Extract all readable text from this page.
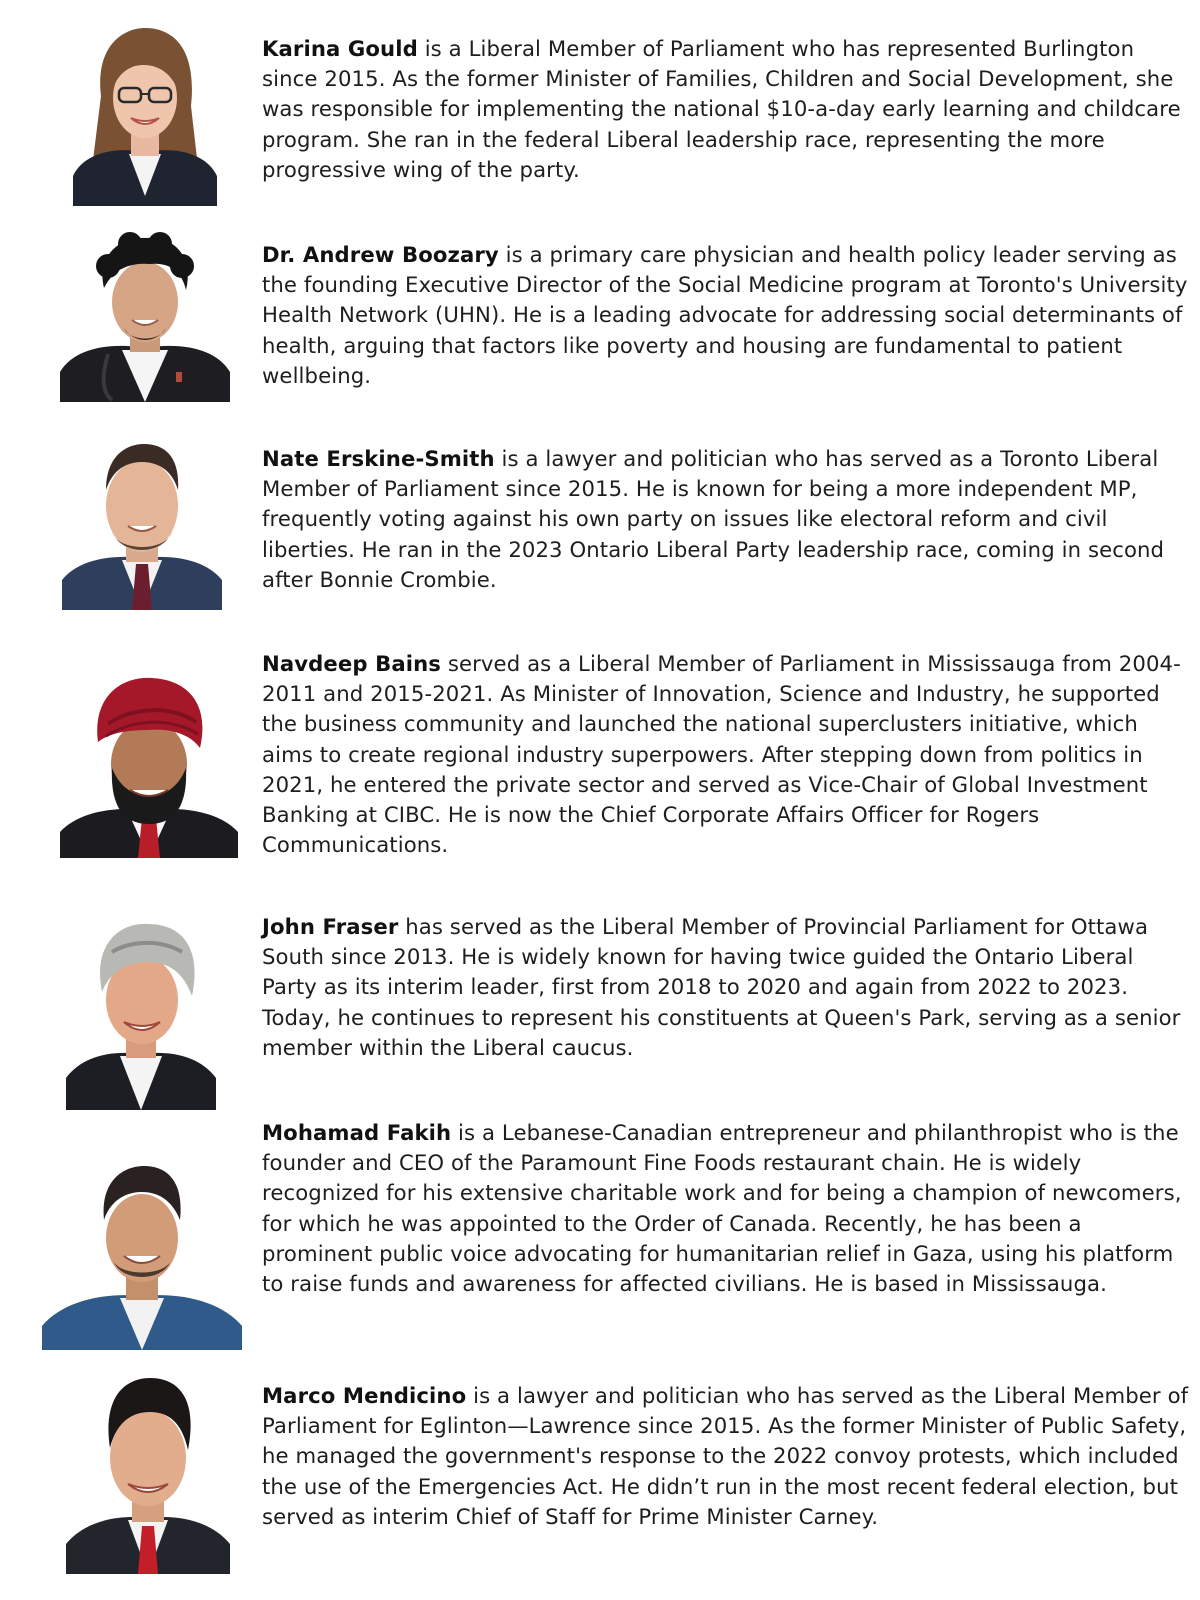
Karina Gould is a Liberal Member of Parliament who has represented Burlington since 2015. As the former Minister of Families, Children and Social Development, she was responsible for implementing the national $10-a-day early learning and childcare program. She ran in the federal Liberal leadership race, representing the more progressive wing of the party.

Dr. Andrew Boozary is a primary care physician and health policy leader serving as the founding Executive Director of the Social Medicine program at Toronto's University Health Network (UHN). He is a leading advocate for addressing social determinants of health, arguing that factors like poverty and housing are fundamental to patient wellbeing.

Nate Erskine-Smith is a lawyer and politician who has served as a Toronto Liberal Member of Parliament since 2015. He is known for being a more independent MP, frequently voting against his own party on issues like electoral reform and civil liberties. He ran in the 2023 Ontario Liberal Party leadership race, coming in second after Bonnie Crombie.

Navdeep Bains served as a Liberal Member of Parliament in Mississauga from 2004-2011 and 2015-2021. As Minister of Innovation, Science and Industry, he supported the business community and launched the national superclusters initiative, which aims to create regional industry superpowers. After stepping down from politics in 2021, he entered the private sector and served as Vice-Chair of Global Investment Banking at CIBC. He is now the Chief Corporate Affairs Officer for Rogers Communications.

John Fraser has served as the Liberal Member of Provincial Parliament for Ottawa South since 2013. He is widely known for having twice guided the Ontario Liberal Party as its interim leader, first from 2018 to 2020 and again from 2022 to 2023. Today, he continues to represent his constituents at Queen's Park, serving as a senior member within the Liberal caucus.

Mohamad Fakih is a Lebanese-Canadian entrepreneur and philanthropist who is the founder and CEO of the Paramount Fine Foods restaurant chain. He is widely recognized for his extensive charitable work and for being a champion of newcomers, for which he was appointed to the Order of Canada. Recently, he has been a prominent public voice advocating for humanitarian relief in Gaza, using his platform to raise funds and awareness for affected civilians. He is based in Mississauga.

Marco Mendicino is a lawyer and politician who has served as the Liberal Member of Parliament for Eglinton—Lawrence since 2015. As the former Minister of Public Safety, he managed the government's response to the 2022 convoy protests, which included the use of the Emergencies Act. He didn’t run in the most recent federal election, but served as interim Chief of Staff for Prime Minister Carney.
